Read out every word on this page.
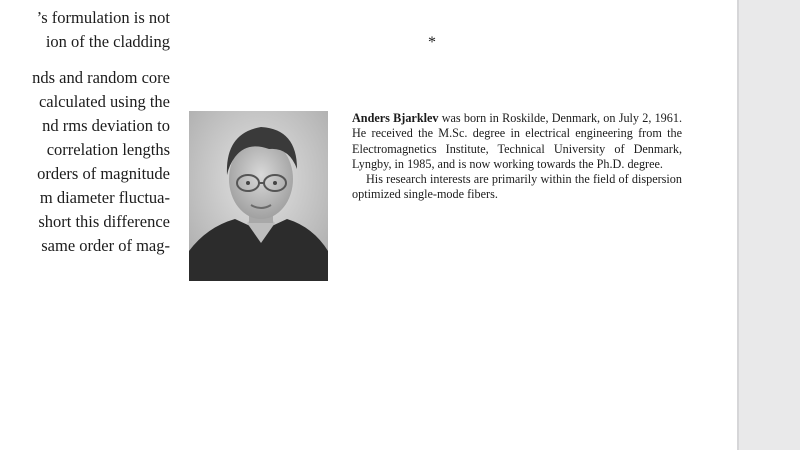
’s formulation is not
ion of the cladding
nds and random core
calculated using the
nd rms deviation to
correlation lengths
orders of magnitude
m diameter fluctua-
short this difference
same order of mag-
*

Anders Bjarklev was born in Roskilde, Denmark, on July 2, 1961. He received the M.Sc. degree in electrical engineering from the Electromagnetics Institute, Technical University of Denmark, Lyngby, in 1985, and is now working towards the Ph.D. degree.

His research interests are primarily within the field of dispersion optimized single-mode fibers.
